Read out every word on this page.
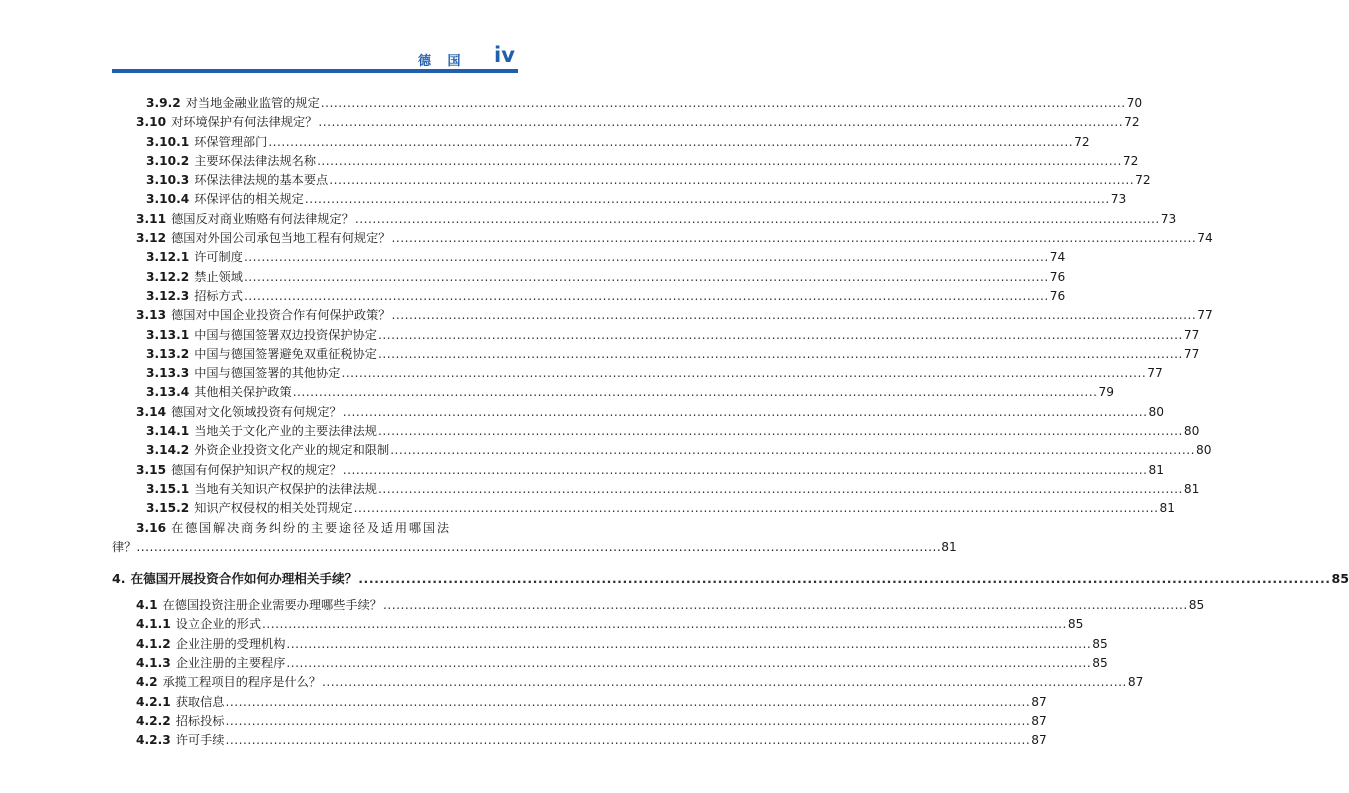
德 国 iv
3.9.2 对当地金融业监管的规定 .....	70
3.10 对环境保护有何法律规定？ .....	72
3.10.1 环保管理部门 .....	72
3.10.2 主要环保法律法规名称 .....	72
3.10.3 环保法律法规的基本要点 .....	72
3.10.4 环保评估的相关规定 .....	73
3.11 德国反对商业贿赂有何法律规定？ .....	73
3.12 德国对外国公司承包当地工程有何规定？ .....	74
3.12.1 许可制度 .....	74
3.12.2 禁止领域 .....	76
3.12.3 招标方式 .....	76
3.13 德国对中国企业投资合作有何保护政策？ .....	77
3.13.1 中国与德国签署双边投资保护协定 .....	77
3.13.2 中国与德国签署避免双重征税协定 .....	77
3.13.3 中国与德国签署的其他协定 .....	77
3.13.4 其他相关保护政策 .....	79
3.14 德国对文化领域投资有何规定？ .....	80
3.14.1 当地关于文化产业的主要法律法规 .....	80
3.14.2 外资企业投资文化产业的规定和限制 .....	80
3.15 德国有何保护知识产权的规定？ .....	81
3.15.1 当地有关知识产权保护的法律法规 .....	81
3.15.2 知识产权侵权的相关处罚规定 .....	81
3.16 在德国解决商务纠纷的主要途径及适用哪国法
律？ .....	81
4. 在德国开展投资合作如何办理相关手续？ .....	85
4.1 在德国投资注册企业需要办理哪些手续？ .....	85
4.1.1 设立企业的形式 .....	85
4.1.2 企业注册的受理机构 .....	85
4.1.3 企业注册的主要程序 .....	85
4.2 承揽工程项目的程序是什么？ .....	87
4.2.1 获取信息 .....	87
4.2.2 招标投标 .....	87
4.2.3 许可手续 .....	87
